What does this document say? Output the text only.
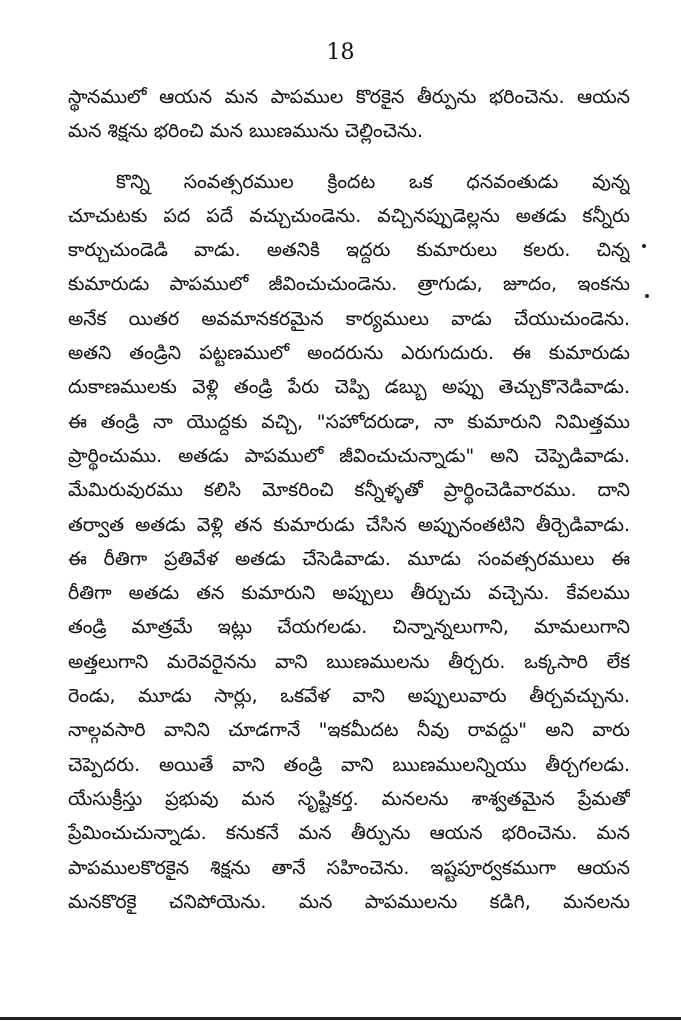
18
స్థానములో ఆయన మన పాపముల కొరకైన తీర్పును భరించెను. ఆయన
మన శిక్షను భరించి మన ఋణమును చెల్లించెను.
కొన్ని సంవత్సరముల క్రిందట ఒక ధనవంతుడు వున్న
చూచుటకు పద పదే వచ్చుచుండెను. వచ్చినప్పుడెల్లను అతడు కన్నీరు
కార్చుచుండెడి వాడు. అతనికి ఇద్దరు కుమారులు కలరు. చిన్న
కుమారుడు పాపములో జీవించుచుండెను. త్రాగుడు, జూదం, ఇంకను
అనేక యితర అవమానకరమైన కార్యములు వాడు చేయుచుండెను.
అతని తండ్రిని పట్టణములో అందరును ఎరుగుదురు. ఈ కుమారుడు
దుకాణములకు వెళ్లి తండ్రి పేరు చెప్పి డబ్బు అప్పు తెచ్చుకొనెడివాడు.
ఈ తండ్రి నా యొద్దకు వచ్చి, "సహోదరుడా, నా కుమారుని నిమిత్తము
ప్రార్థించుము. అతడు పాపములో జీవించుచున్నాడు" అని చెప్పెడివాడు.
మేమిరువురము కలిసి మోకరించి కన్నీళ్ళతో ప్రార్థించెడివారము. దాని
తర్వాత అతడు వెళ్లి తన కుమారుడు చేసిన అప్పునంతటిని తీర్చెడివాడు.
ఈ రీతిగా ప్రతివేళ అతడు చేసెడివాడు. మూడు సంవత్సరములు ఈ
రీతిగా అతడు తన కుమారుని అప్పులు తీర్చుచు వచ్చెను. కేవలము
తండ్రి మాత్రమే ఇట్లు చేయగలడు. చిన్నాన్నలుగాని, మామలుగాని
అత్తలుగాని మరెవరైనను వాని ఋణములను తీర్చరు. ఒక్కసారి లేక
రెండు, మూడు సార్లు, ఒకవేళ వాని అప్పులువారు తీర్చవచ్చును.
నాల్గవసారి వానిని చూడగానే "ఇకమీదట నీవు రావద్దు" అని వారు
చెప్పెదరు. అయితే వాని తండ్రి వాని ఋణములన్నియు తీర్చగలడు.
యేసుక్రీస్తు ప్రభువు మన సృష్టికర్త. మనలను శాశ్వతమైన ప్రేమతో
ప్రేమించుచున్నాడు. కనుకనే మన తీర్పును ఆయన భరించెను. మన
పాపములకొరకైన శిక్షను తానే సహించెను. ఇష్టపూర్వకముగా ఆయన
మనకొరకై చనిపోయెను. మన పాపములను కడిగి, మనలను
